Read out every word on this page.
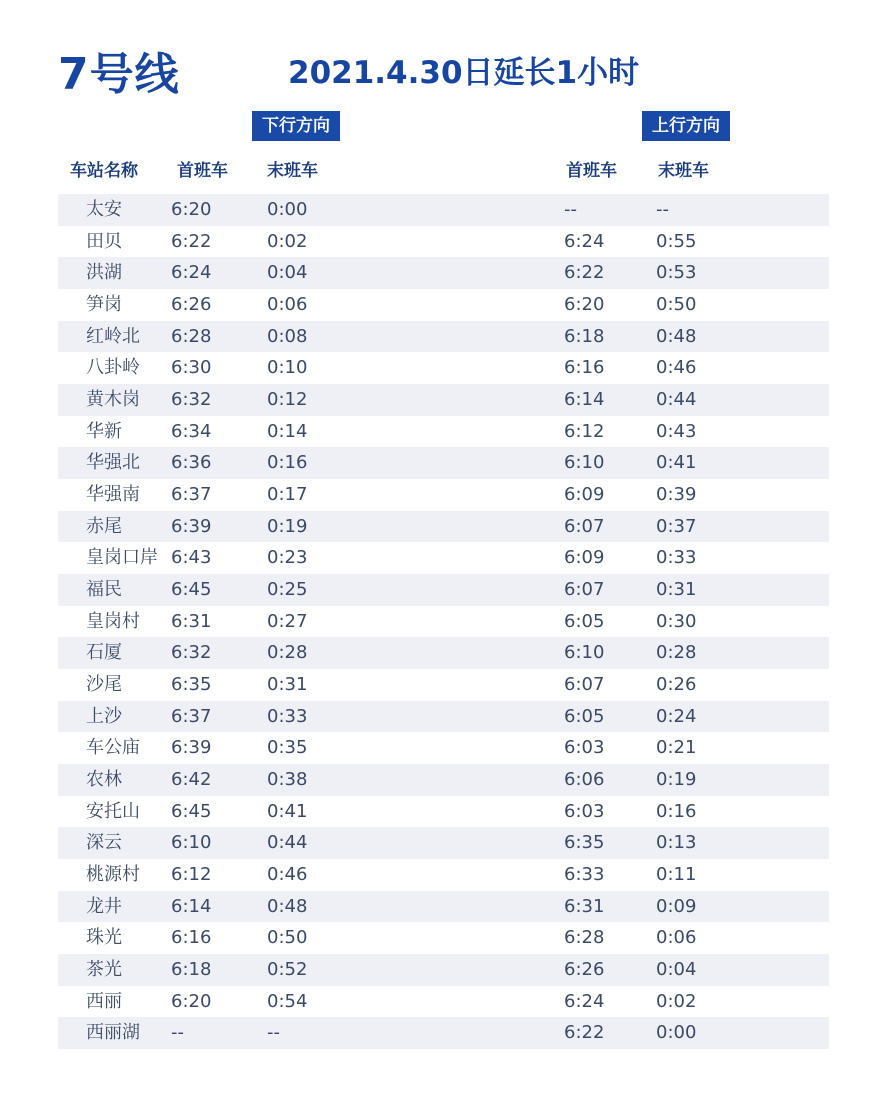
7号线	2021.4.30日延长1小时
下行方向	上行方向
车站名称 首班车 末班车	首班车 末班车
太安	6:20	0:00	--	--
田贝	6:22	0:02	6:24	0:55
洪湖	6:24	0:04	6:22	0:53
笋岗	6:26	0:06	6:20	0:50
红岭北 6:28	0:08	6:18	0:48
八卦岭 6:30	0:10	6:16	0:46
黄木岗 6:32	0:12	6:14	0:44
华新	6:34	0:14	6:12	0:43
华强北 6:36	0:16	6:10	0:41
华强南 6:37	0:17	6:09	0:39
赤尾	6:39	0:19	6:07	0:37
皇岗口岸 6:43	0:23	6:09	0:33
福民	6:45	0:25	6:07	0:31
皇岗村 6:31	0:27	6:05	0:30
石厦	6:32	0:28	6:10	0:28
沙尾	6:35	0:31	6:07	0:26
上沙	6:37	0:33	6:05	0:24
车公庙 6:39	0:35	6:03	0:21
农林	6:42	0:38	6:06	0:19
安托山 6:45	0:41	6:03	0:16
深云	6:10	0:44	6:35	0:13
桃源村 6:12	0:46	6:33	0:11
龙井	6:14	0:48	6:31	0:09
珠光	6:16	0:50	6:28	0:06
茶光	6:18	0:52	6:26	0:04
西丽	6:20	0:54	6:24	0:02
西丽湖 --	--	6:22	0:00
